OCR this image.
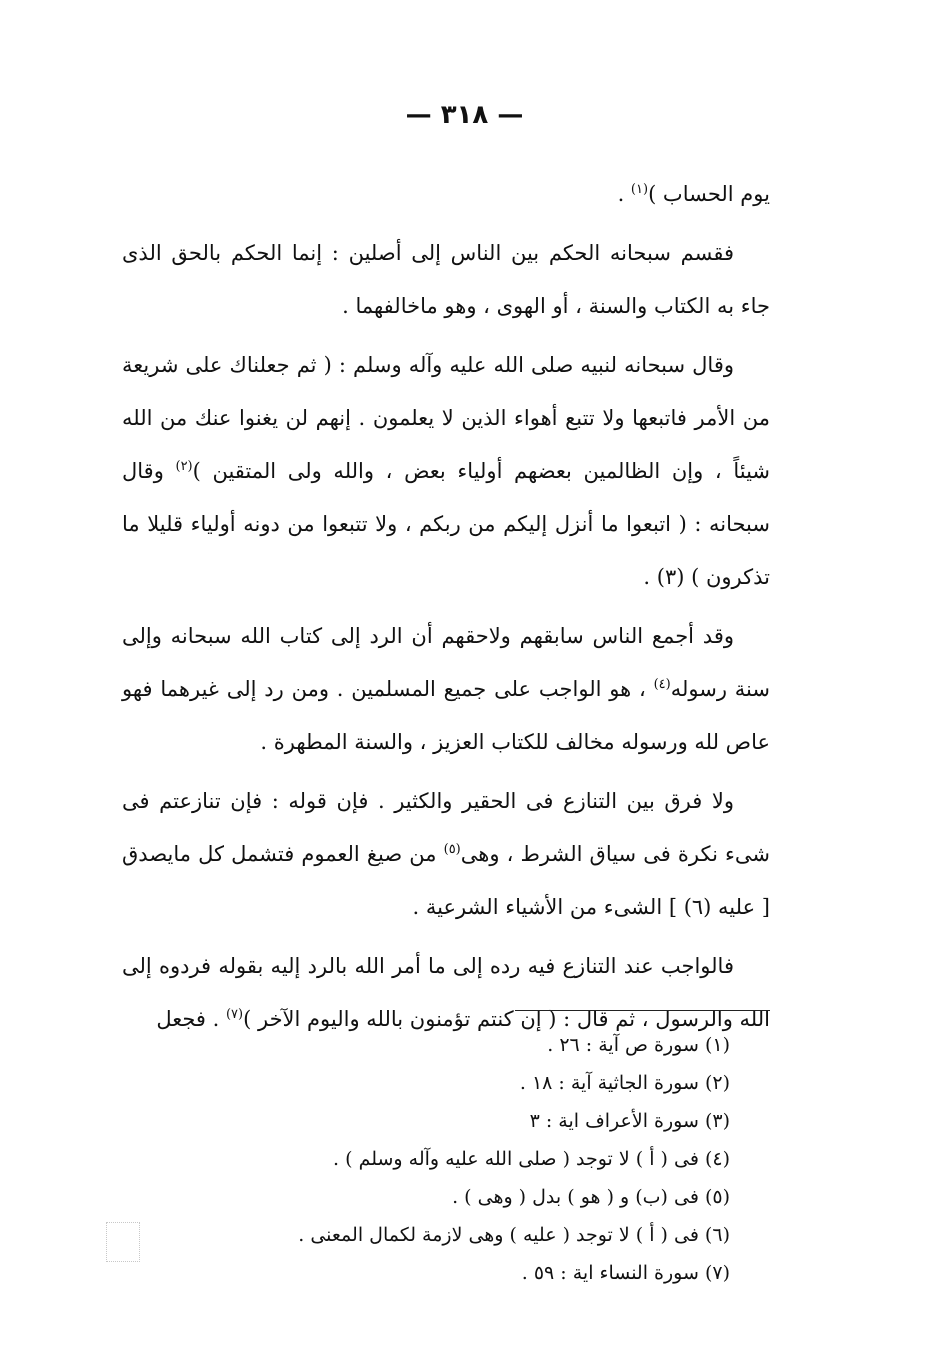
— ٣١٨ —

يوم الحساب )$^{(١)}$ .

فقسم سبحانه الحكم بين الناس إلى أصلين : إنما الحكم بالحق الذى جاء به الكتاب والسنة ، أو الهوى ، وهو ماخالفهما .

وقال سبحانه لنبيه صلى الله عليه وآله وسلم : ( ثم جعلناك على شريعة من الأمر فاتبعها ولا تتبع أهواء الذين لا يعلمون . إنهم لن يغنوا عنك من الله شيئاً ، وإن الظالمين بعضهم أولياء بعض ، والله ولى المتقين )$^{(٢)}$ وقال سبحانه : ( اتبعوا ما أنزل إليكم من ربكم ، ولا تتبعوا من دونه أولياء قليلا ما تذكرون ) (٣) .

وقد أجمع الناس سابقهم ولاحقهم أن الرد إلى كتاب الله سبحانه وإلى سنة رسوله$^{(٤)}$ ، هو الواجب على جميع المسلمين . ومن رد إلى غيرهما فهو عاص لله ورسوله مخالف للكتاب العزيز ، والسنة المطهرة .

ولا فرق بين التنازع فى الحقير والكثير . فإن قوله : فإن تنازعتم فى شىء نكرة فى سياق الشرط ، وهى$^{(٥)}$ من صيغ العموم فتشمل كل مايصدق [ عليه (٦) ] الشىء من الأشياء الشرعية .

فالواجب عند التنازع فيه رده إلى ما أمر الله بالرد إليه بقوله فردوه إلى الله والرسول ، ثم قال : ( إن كنتم تؤمنون بالله واليوم الآخر )$^{(٧)}$ . فجعل

(١) سورة ص آية : ٢٦ .
(٢) سورة الجاثية آية : ١٨ .
(٣) سورة الأعراف اية : ٣
(٤) فى ( أ ) لا توجد ( صلى الله عليه وآله وسلم ) .
(٥) فى (ب) و ( هو ) بدل ( وهى ) .
(٦) فى ( أ ) لا توجد ( عليه ) وهى لازمة لكمال المعنى .
(٧) سورة النساء اية : ٥٩ .
